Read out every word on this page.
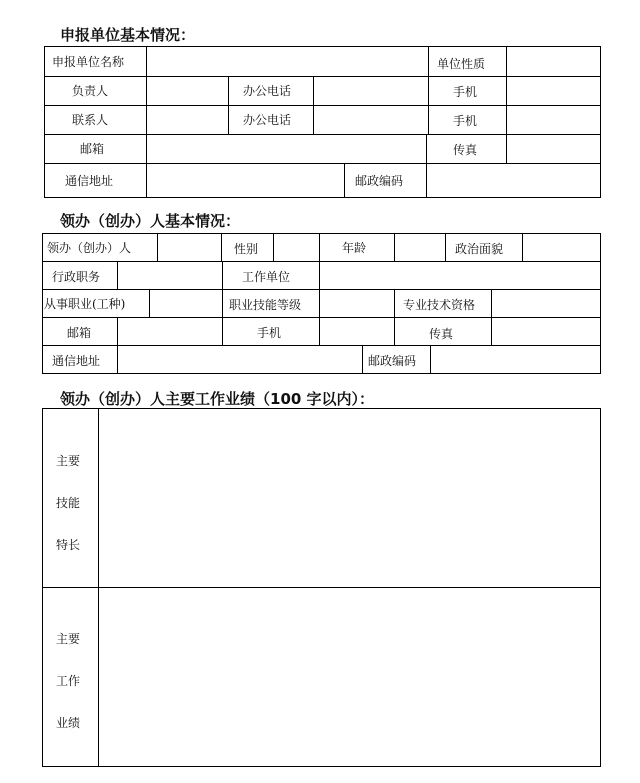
申报单位基本情况：
申报单位名称	单位性质
负责人	办公电话	手机
联系人	办公电话	手机
邮箱	传真
通信地址	邮政编码
领办（创办）人基本情况：
领办（创办）人	性别	年龄	政治面貌
行政职务	工作单位
从事职业(工种)	职业技能等级	专业技术资格
邮箱	手机	传真
通信地址	邮政编码
领办（创办）人主要工作业绩（100 字以内）：
主要
技能
特长
主要
工作
业绩
